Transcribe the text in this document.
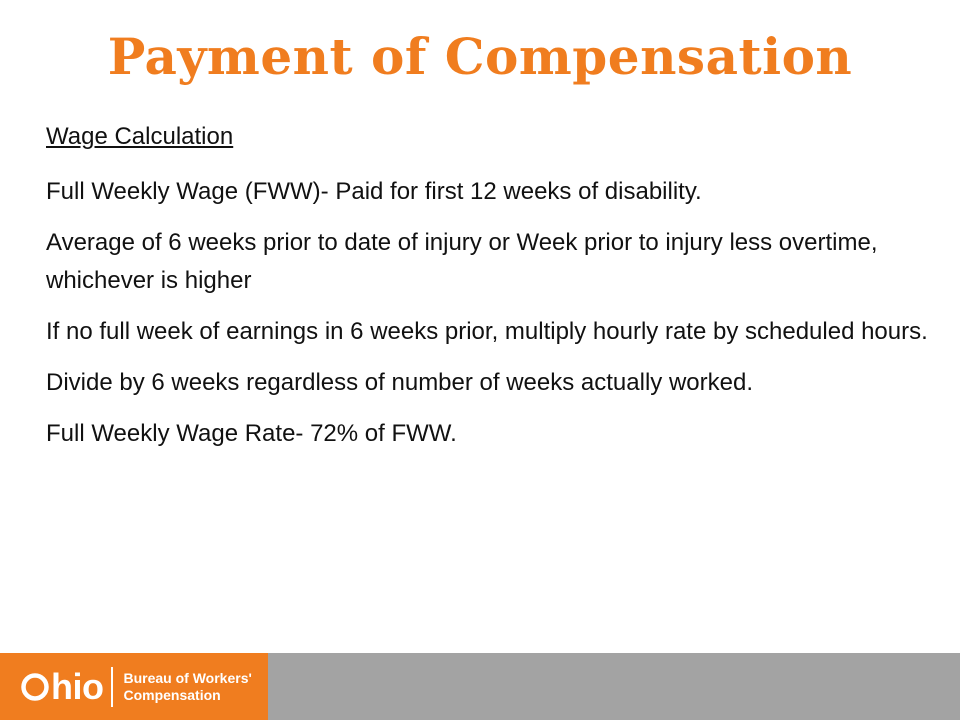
Payment of Compensation

Wage Calculation

Full Weekly Wage (FWW)- Paid for first 12 weeks of disability.

Average of 6 weeks prior to date of injury or Week prior to injury less overtime, whichever is higher

If no full week of earnings in 6 weeks prior, multiply hourly rate by scheduled hours.

Divide by 6 weeks regardless of number of weeks actually worked.

Full Weekly Wage Rate- 72% of FWW.

hio Bureau of Workers'
Compensation
